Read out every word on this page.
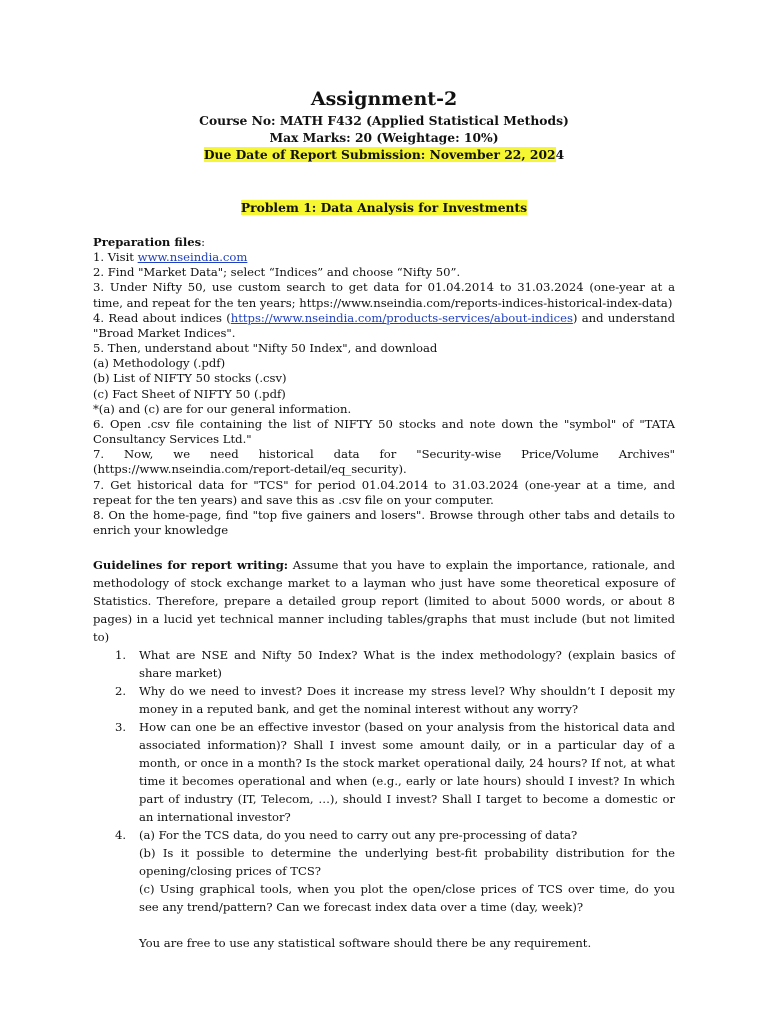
Assignment-2
Course No: MATH F432 (Applied Statistical Methods)
Max Marks: 20 (Weightage: 10%)
Due Date of Report Submission: November 22, 2024
Problem 1: Data Analysis for Investments

Preparation files:

1. Visit www.nseindia.com

2. Find "Market Data"; select “Indices” and choose “Nifty 50”.

3. Under Nifty 50, use custom search to get data for 01.04.2014 to 31.03.2024 (one-year at a time, and repeat for the ten years; https://www.nseindia.com/reports-indices-historical-index-data)

4. Read about indices (https://www.nseindia.com/products-services/about-indices) and understand "Broad Market Indices".

5. Then, understand about "Nifty 50 Index", and download

(a) Methodology (.pdf)

(b) List of NIFTY 50 stocks (.csv)

(c) Fact Sheet of NIFTY 50 (.pdf)

*(a) and (c) are for our general information.

6. Open .csv file containing the list of NIFTY 50 stocks and note down the "symbol" of "TATA Consultancy Services Ltd."

7. Now, we need historical data for "Security-wise Price/Volume Archives" (https://www.nseindia.com/report-detail/eq_security).

7. Get historical data for "TCS" for period 01.04.2014 to 31.03.2024 (one-year at a time, and repeat for the ten years) and save this as .csv file on your computer.

8. On the home-page, find "top five gainers and losers". Browse through other tabs and details to enrich your knowledge

Guidelines for report writing: Assume that you have to explain the importance, rationale, and methodology of stock exchange market to a layman who just have some theoretical exposure of Statistics. Therefore, prepare a detailed group report (limited to about 5000 words, or about 8 pages) in a lucid yet technical manner including tables/graphs that must include (but not limited to)

1. What are NSE and Nifty 50 Index? What is the index methodology? (explain basics of share market)

2. Why do we need to invest? Does it increase my stress level? Why shouldn’t I deposit my money in a reputed bank, and get the nominal interest without any worry?

3. How can one be an effective investor (based on your analysis from the historical data and associated information)? Shall I invest some amount daily, or in a particular day of a month, or once in a month? Is the stock market operational daily, 24 hours? If not, at what time it becomes operational and when (e.g., early or late hours) should I invest? In which part of industry (IT, Telecom, …), should I invest? Shall I target to become a domestic or an international investor?

4. (a) For the TCS data, do you need to carry out any pre-processing of data?

(b) Is it possible to determine the underlying best-fit probability distribution for the opening/closing prices of TCS?

(c) Using graphical tools, when you plot the open/close prices of TCS over time, do you see any trend/pattern? Can we forecast index data over a time (day, week)?

You are free to use any statistical software should there be any requirement.
